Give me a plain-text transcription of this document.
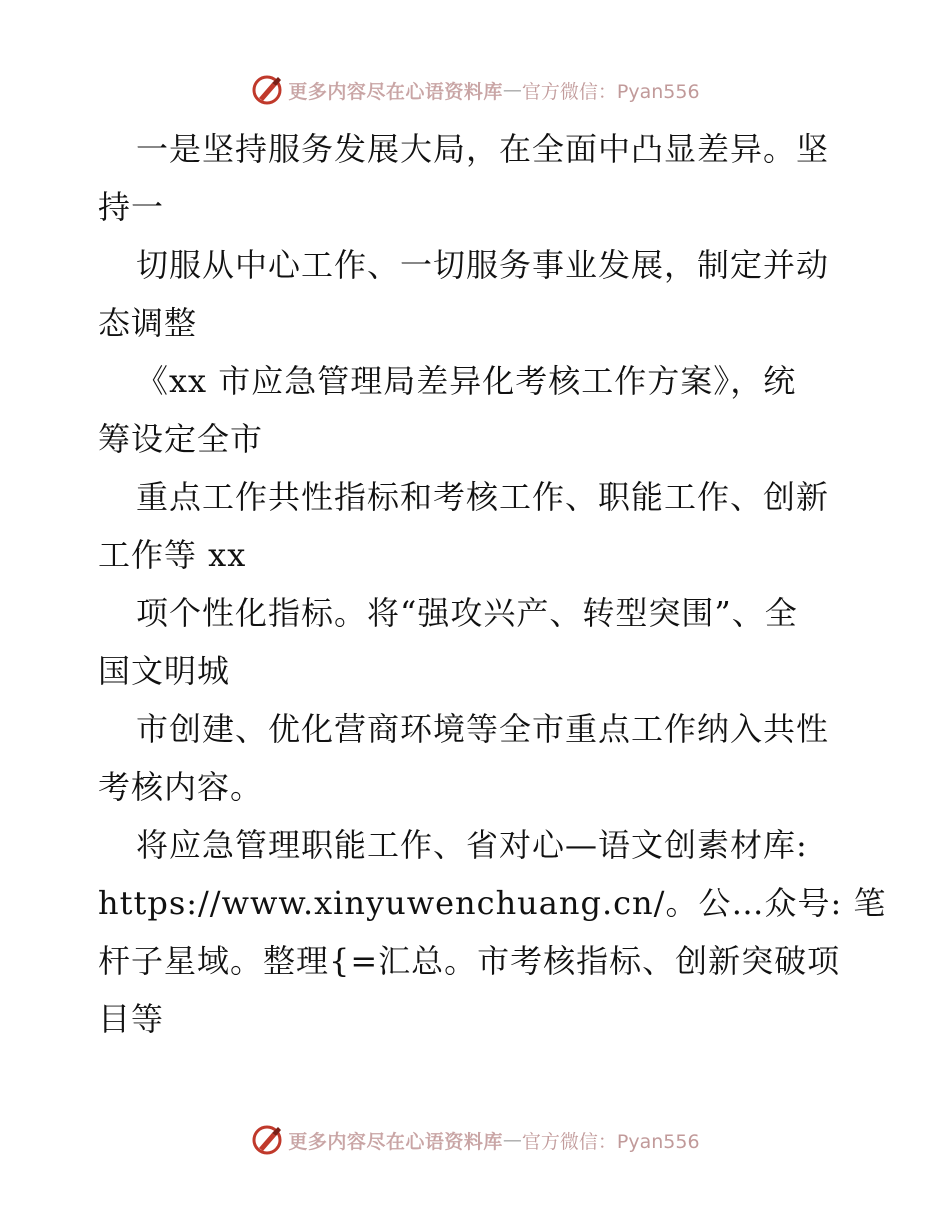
更多内容尽在心语资料库 — 官方微信：Pyan556
一是坚持服务发展大局，在全面中凸显差异。坚
持一
切服从中心工作、一切服务事业发展，制定并动
态调整
《xx 市应急管理局差异化考核工作方案》，统
筹设定全市
重点工作共性指标和考核工作、职能工作、创新
工作等 xx
项个性化指标。将“强攻兴产、转型突围”、全
国文明城
市创建、优化营商环境等全市重点工作纳入共性
考核内容。
将应急管理职能工作、省对心—语文创素材库:
https://www.xinyuwenchuang.cn/。公…众号: 笔
杆子星域。整理{=汇总。市考核指标、创新突破项
目等
更多内容尽在心语资料库 — 官方微信：Pyan556
